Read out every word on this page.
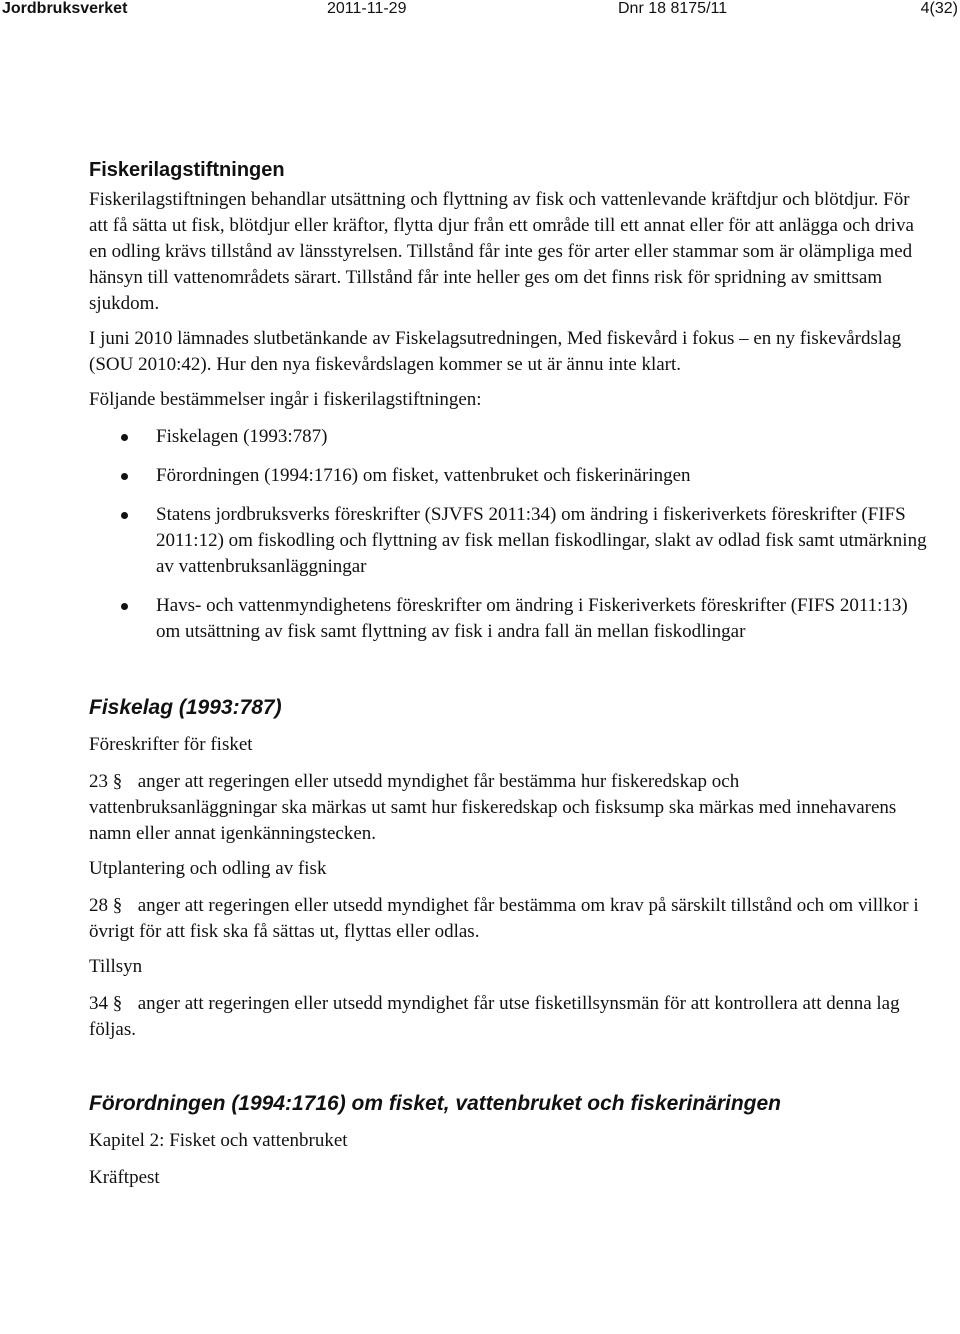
Jordbruksverket	2011-11-29	Dnr 18 8175/11	4(32)
Fiskerilagstiftningen

Fiskerilagstiftningen behandlar utsättning och flyttning av fisk och vattenlevande kräftdjur och blötdjur. För att få sätta ut fisk, blötdjur eller kräftor, flytta djur från ett område till ett annat eller för att anlägga och driva en odling krävs tillstånd av länsstyrelsen. Tillstånd får inte ges för arter eller stammar som är olämpliga med hänsyn till vattenområdets särart. Tillstånd får inte heller ges om det finns risk för spridning av smittsam sjukdom.

I juni 2010 lämnades slutbetänkande av Fiskelagsutredningen, Med fiskevård i fokus – en ny fiskevårdslag (SOU 2010:42). Hur den nya fiskevårdslagen kommer se ut är ännu inte klart.

Följande bestämmelser ingår i fiskerilagstiftningen:

Fiskelagen (1993:787)
Förordningen (1994:1716) om fisket, vattenbruket och fiskerinäringen
Statens jordbruksverks föreskrifter (SJVFS 2011:34) om ändring i fiskeriverkets föreskrifter (FIFS 2011:12) om fiskodling och flyttning av fisk mellan fiskodlingar, slakt av odlad fisk samt utmärkning av vattenbruksanläggningar
Havs- och vattenmyndighetens föreskrifter om ändring i Fiskeriverkets föreskrifter (FIFS 2011:13) om utsättning av fisk samt flyttning av fisk i andra fall än mellan fiskodlingar
Fiskelag (1993:787)

Föreskrifter för fisket

23 § anger att regeringen eller utsedd myndighet får bestämma hur fiskeredskap och vattenbruksanläggningar ska märkas ut samt hur fiskeredskap och fisksump ska märkas med innehavarens namn eller annat igenkänningstecken.

Utplantering och odling av fisk

28 § anger att regeringen eller utsedd myndighet får bestämma om krav på särskilt tillstånd och om villkor i övrigt för att fisk ska få sättas ut, flyttas eller odlas.

Tillsyn

34 § anger att regeringen eller utsedd myndighet får utse fisketillsynsmän för att kontrollera att denna lag följas.

Förordningen (1994:1716) om fisket, vattenbruket och fiskerinäringen

Kapitel 2: Fisket och vattenbruket

Kräftpest
